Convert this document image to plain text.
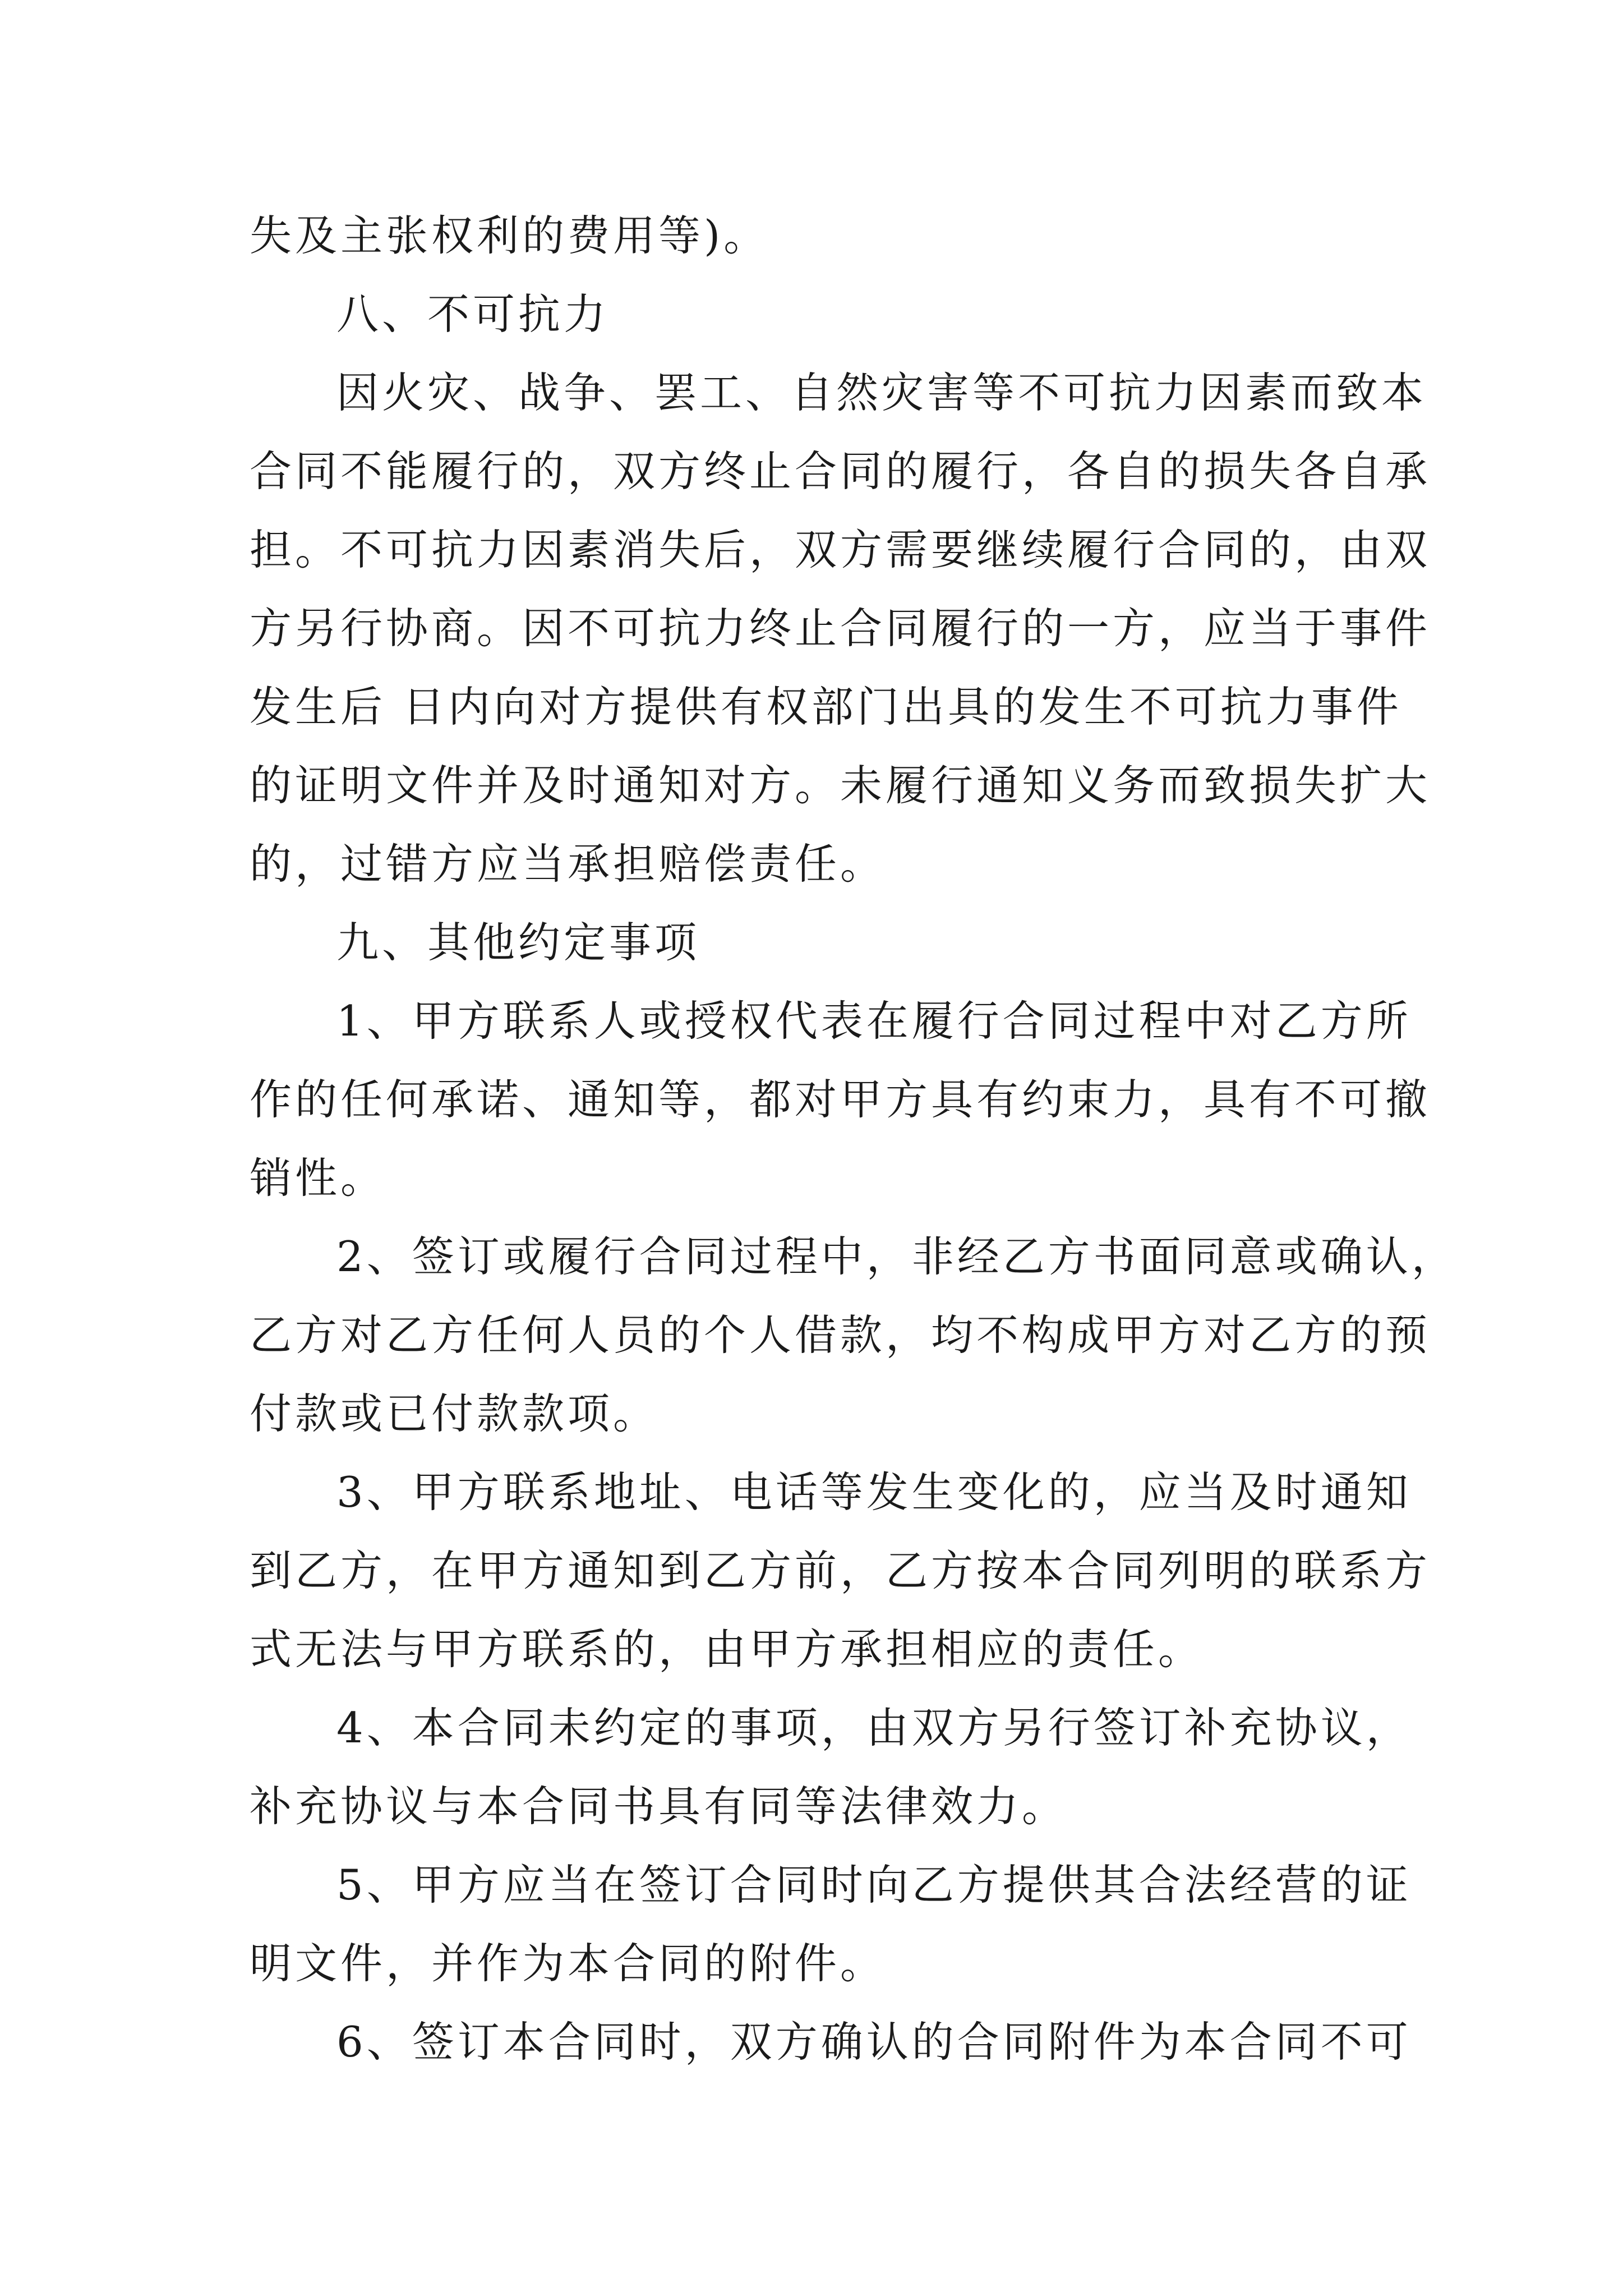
失及主张权利的费用等)。
八、不可抗力
因火灾、战争、罢工、自然灾害等不可抗力因素而致本
合同不能履行的，双方终止合同的履行，各自的损失各自承
担。不可抗力因素消失后，双方需要继续履行合同的，由双
方另行协商。因不可抗力终止合同履行的一方，应当于事件
发生后 日内向对方提供有权部门出具的发生不可抗力事件
的证明文件并及时通知对方。未履行通知义务而致损失扩大
的，过错方应当承担赔偿责任。
九、其他约定事项
1、甲方联系人或授权代表在履行合同过程中对乙方所
作的任何承诺、通知等，都对甲方具有约束力，具有不可撤
销性。
2、签订或履行合同过程中，非经乙方书面同意或确认，
乙方对乙方任何人员的个人借款，均不构成甲方对乙方的预
付款或已付款款项。
3、甲方联系地址、电话等发生变化的，应当及时通知
到乙方，在甲方通知到乙方前，乙方按本合同列明的联系方
式无法与甲方联系的，由甲方承担相应的责任。
4、本合同未约定的事项，由双方另行签订补充协议，
补充协议与本合同书具有同等法律效力。
5、甲方应当在签订合同时向乙方提供其合法经营的证
明文件，并作为本合同的附件。
6、签订本合同时，双方确认的合同附件为本合同不可
